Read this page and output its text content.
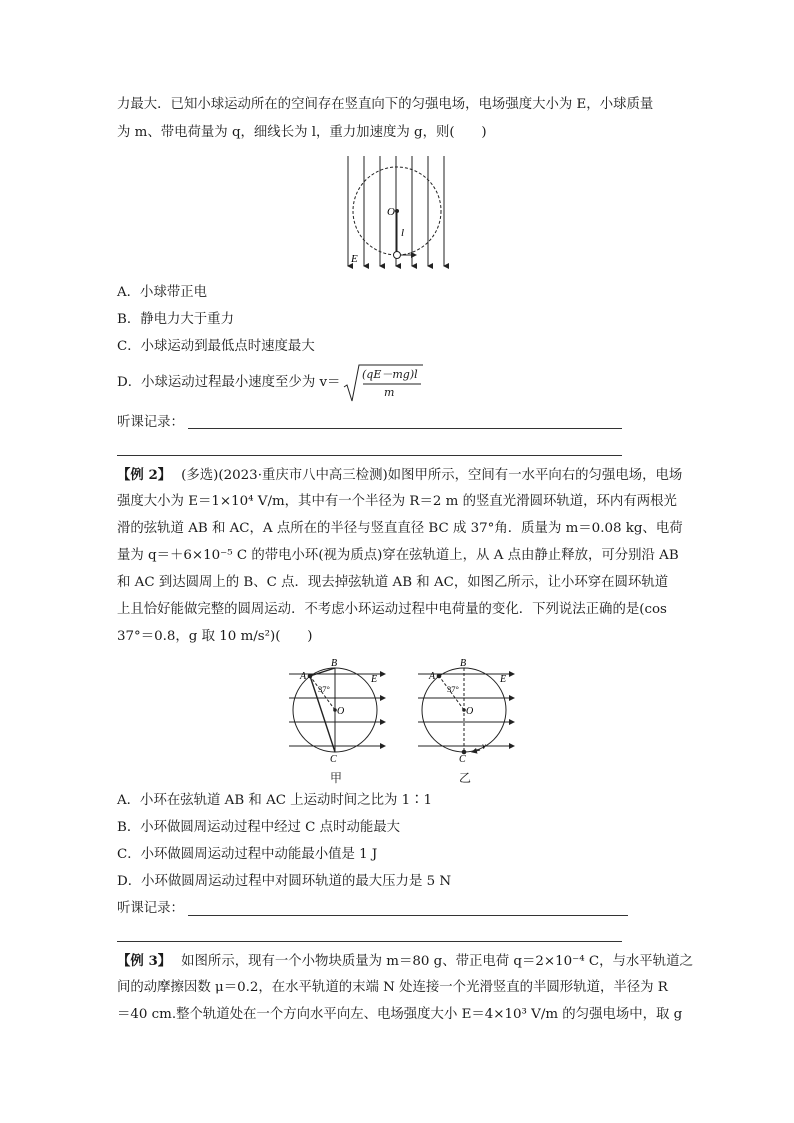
力最大．已知小球运动所在的空间存在竖直向下的匀强电场，电场强度大小为 E，小球质量
为 m、带电荷量为 q，细线长为 l，重力加速度为 g，则(　　)
O
l
E
A．小球带正电
B．静电力大于重力
C．小球运动到最低点时速度最大
D．小球运动过程最小速度至少为 v＝
(qE－mg)l
m
听课记录：
【例 2】 (多选)(2023·重庆市八中高三检测)如图甲所示，空间有一水平向右的匀强电场，电场
强度大小为 E＝1×10⁴ V/m，其中有一个半径为 R＝2 m 的竖直光滑圆环轨道，环内有两根光
滑的弦轨道 AB 和 AC，A 点所在的半径与竖直直径 BC 成 37°角．质量为 m＝0.08 kg、电荷
量为 q＝＋6×10⁻⁵ C 的带电小环(视为质点)穿在弦轨道上，从 A 点由静止释放，可分别沿 AB
和 AC 到达圆周上的 B、C 点．现去掉弦轨道 AB 和 AC，如图乙所示，让小环穿在圆环轨道
上且恰好能做完整的圆周运动．不考虑小环运动过程中电荷量的变化．下列说法正确的是(cos
37°＝0.8，g 取 10 m/s²)(　　)
B
A	E
O
C
37°
甲
B
A	E
O
C
v
37°
乙
A．小环在弦轨道 AB 和 AC 上运动时间之比为 1∶1
B．小环做圆周运动过程中经过 C 点时动能最大
C．小环做圆周运动过程中动能最小值是 1 J
D．小环做圆周运动过程中对圆环轨道的最大压力是 5 N
听课记录：
【例 3】 如图所示，现有一个小物块质量为 m＝80 g、带正电荷 q＝2×10⁻⁴ C，与水平轨道之
间的动摩擦因数 μ＝0.2，在水平轨道的末端 N 处连接一个光滑竖直的半圆形轨道，半径为 R
＝40 cm.整个轨道处在一个方向水平向左、电场强度大小 E＝4×10³ V/m 的匀强电场中，取 g
